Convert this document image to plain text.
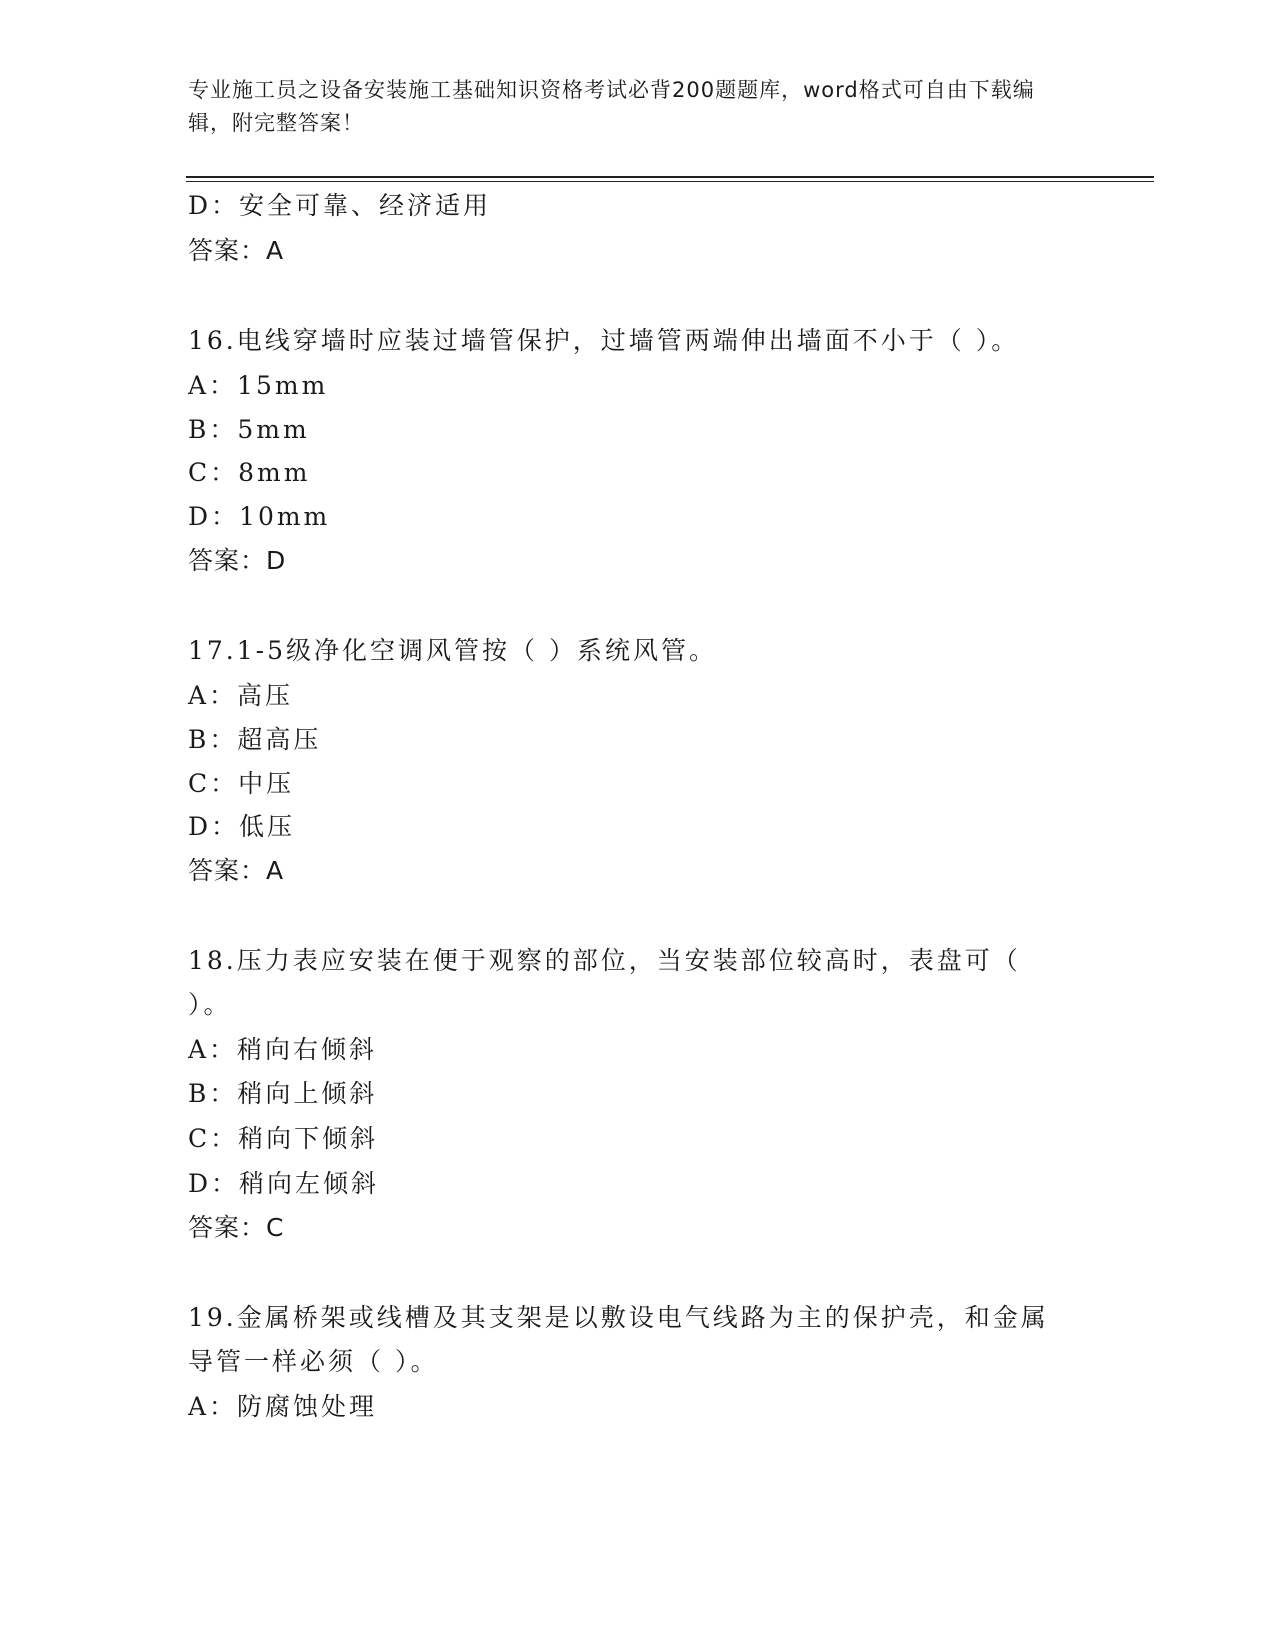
专业施工员之设备安装施工基础知识资格考试必背200题题库，word格式可自由下载编辑，附完整答案！
D：安全可靠、经济适用
答案：A
16.电线穿墙时应装过墙管保护，过墙管两端伸出墙面不小于（ ）。
A：15mm
B：5mm
C：8mm
D：10mm
答案：D
17.1-5级净化空调风管按（ ）系统风管。
A：高压
B：超高压
C：中压
D：低压
答案：A
18.压力表应安装在便于观察的部位，当安装部位较高时，表盘可（
）。
A：稍向右倾斜
B：稍向上倾斜
C：稍向下倾斜
D：稍向左倾斜
答案：C
19.金属桥架或线槽及其支架是以敷设电气线路为主的保护壳，和金属
导管一样必须（ ）。
A：防腐蚀处理
